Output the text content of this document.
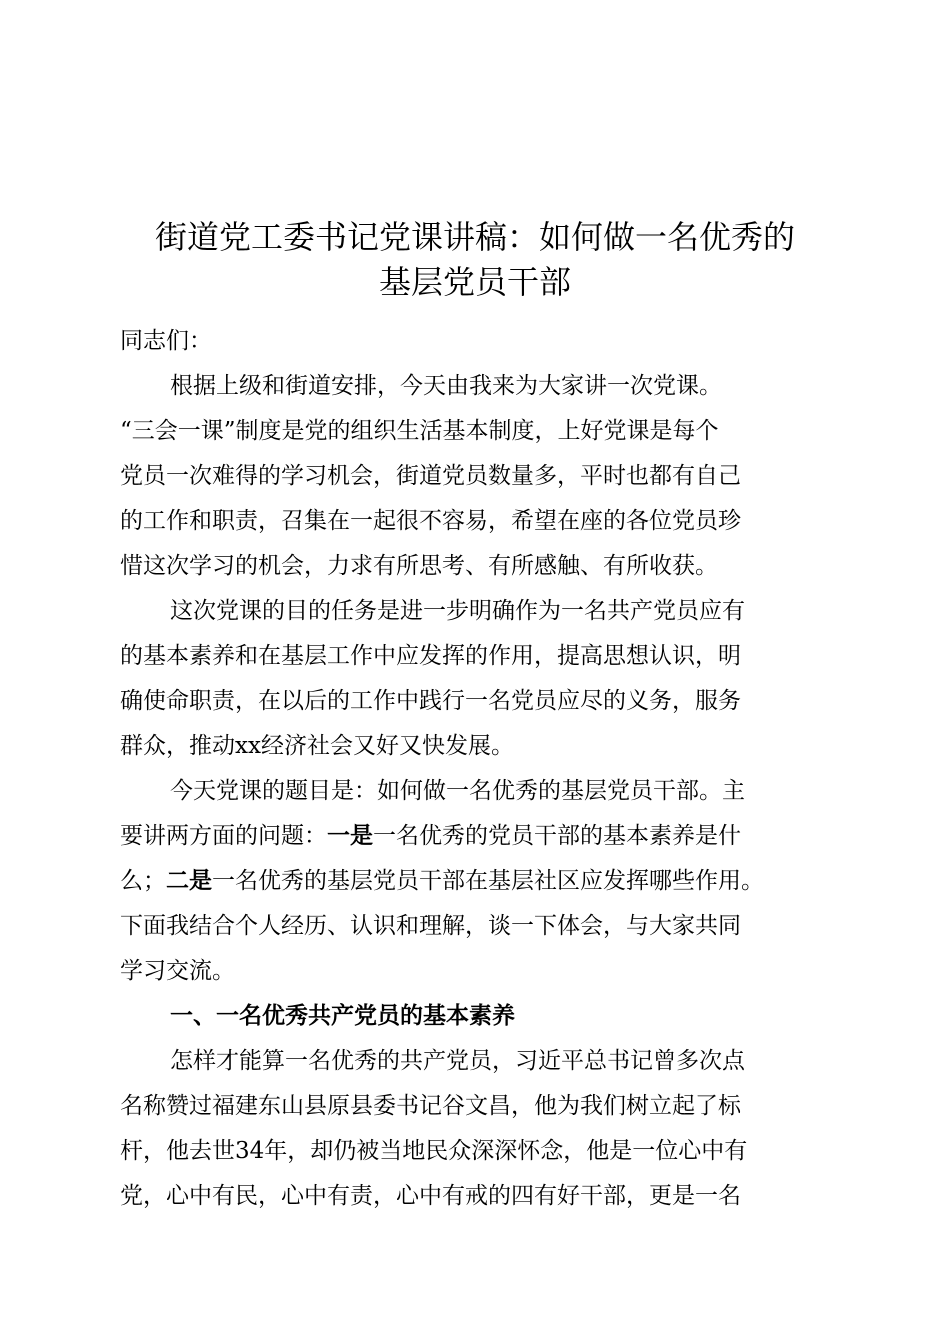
街道党工委书记党课讲稿：如何做一名优秀的
基层党员干部

同志们：

根据上级和街道安排，今天由我来为大家讲一次党课。

“三会一课”制度是党的组织生活基本制度，上好党课是每个

党员一次难得的学习机会，街道党员数量多，平时也都有自己

的工作和职责，召集在一起很不容易，希望在座的各位党员珍

惜这次学习的机会，力求有所思考、有所感触、有所收获。

这次党课的目的任务是进一步明确作为一名共产党员应有

的基本素养和在基层工作中应发挥的作用，提高思想认识，明

确使命职责，在以后的工作中践行一名党员应尽的义务，服务

群众，推动xx经济社会又好又快发展。

今天党课的题目是：如何做一名优秀的基层党员干部。主

要讲两方面的问题：一是一名优秀的党员干部的基本素养是什

么；二是一名优秀的基层党员干部在基层社区应发挥哪些作用。

下面我结合个人经历、认识和理解，谈一下体会，与大家共同

学习交流。

一、一名优秀共产党员的基本素养

怎样才能算一名优秀的共产党员，习近平总书记曾多次点

名称赞过福建东山县原县委书记谷文昌，他为我们树立起了标

杆，他去世34年，却仍被当地民众深深怀念，他是一位心中有

党，心中有民，心中有责，心中有戒的四有好干部，更是一名
